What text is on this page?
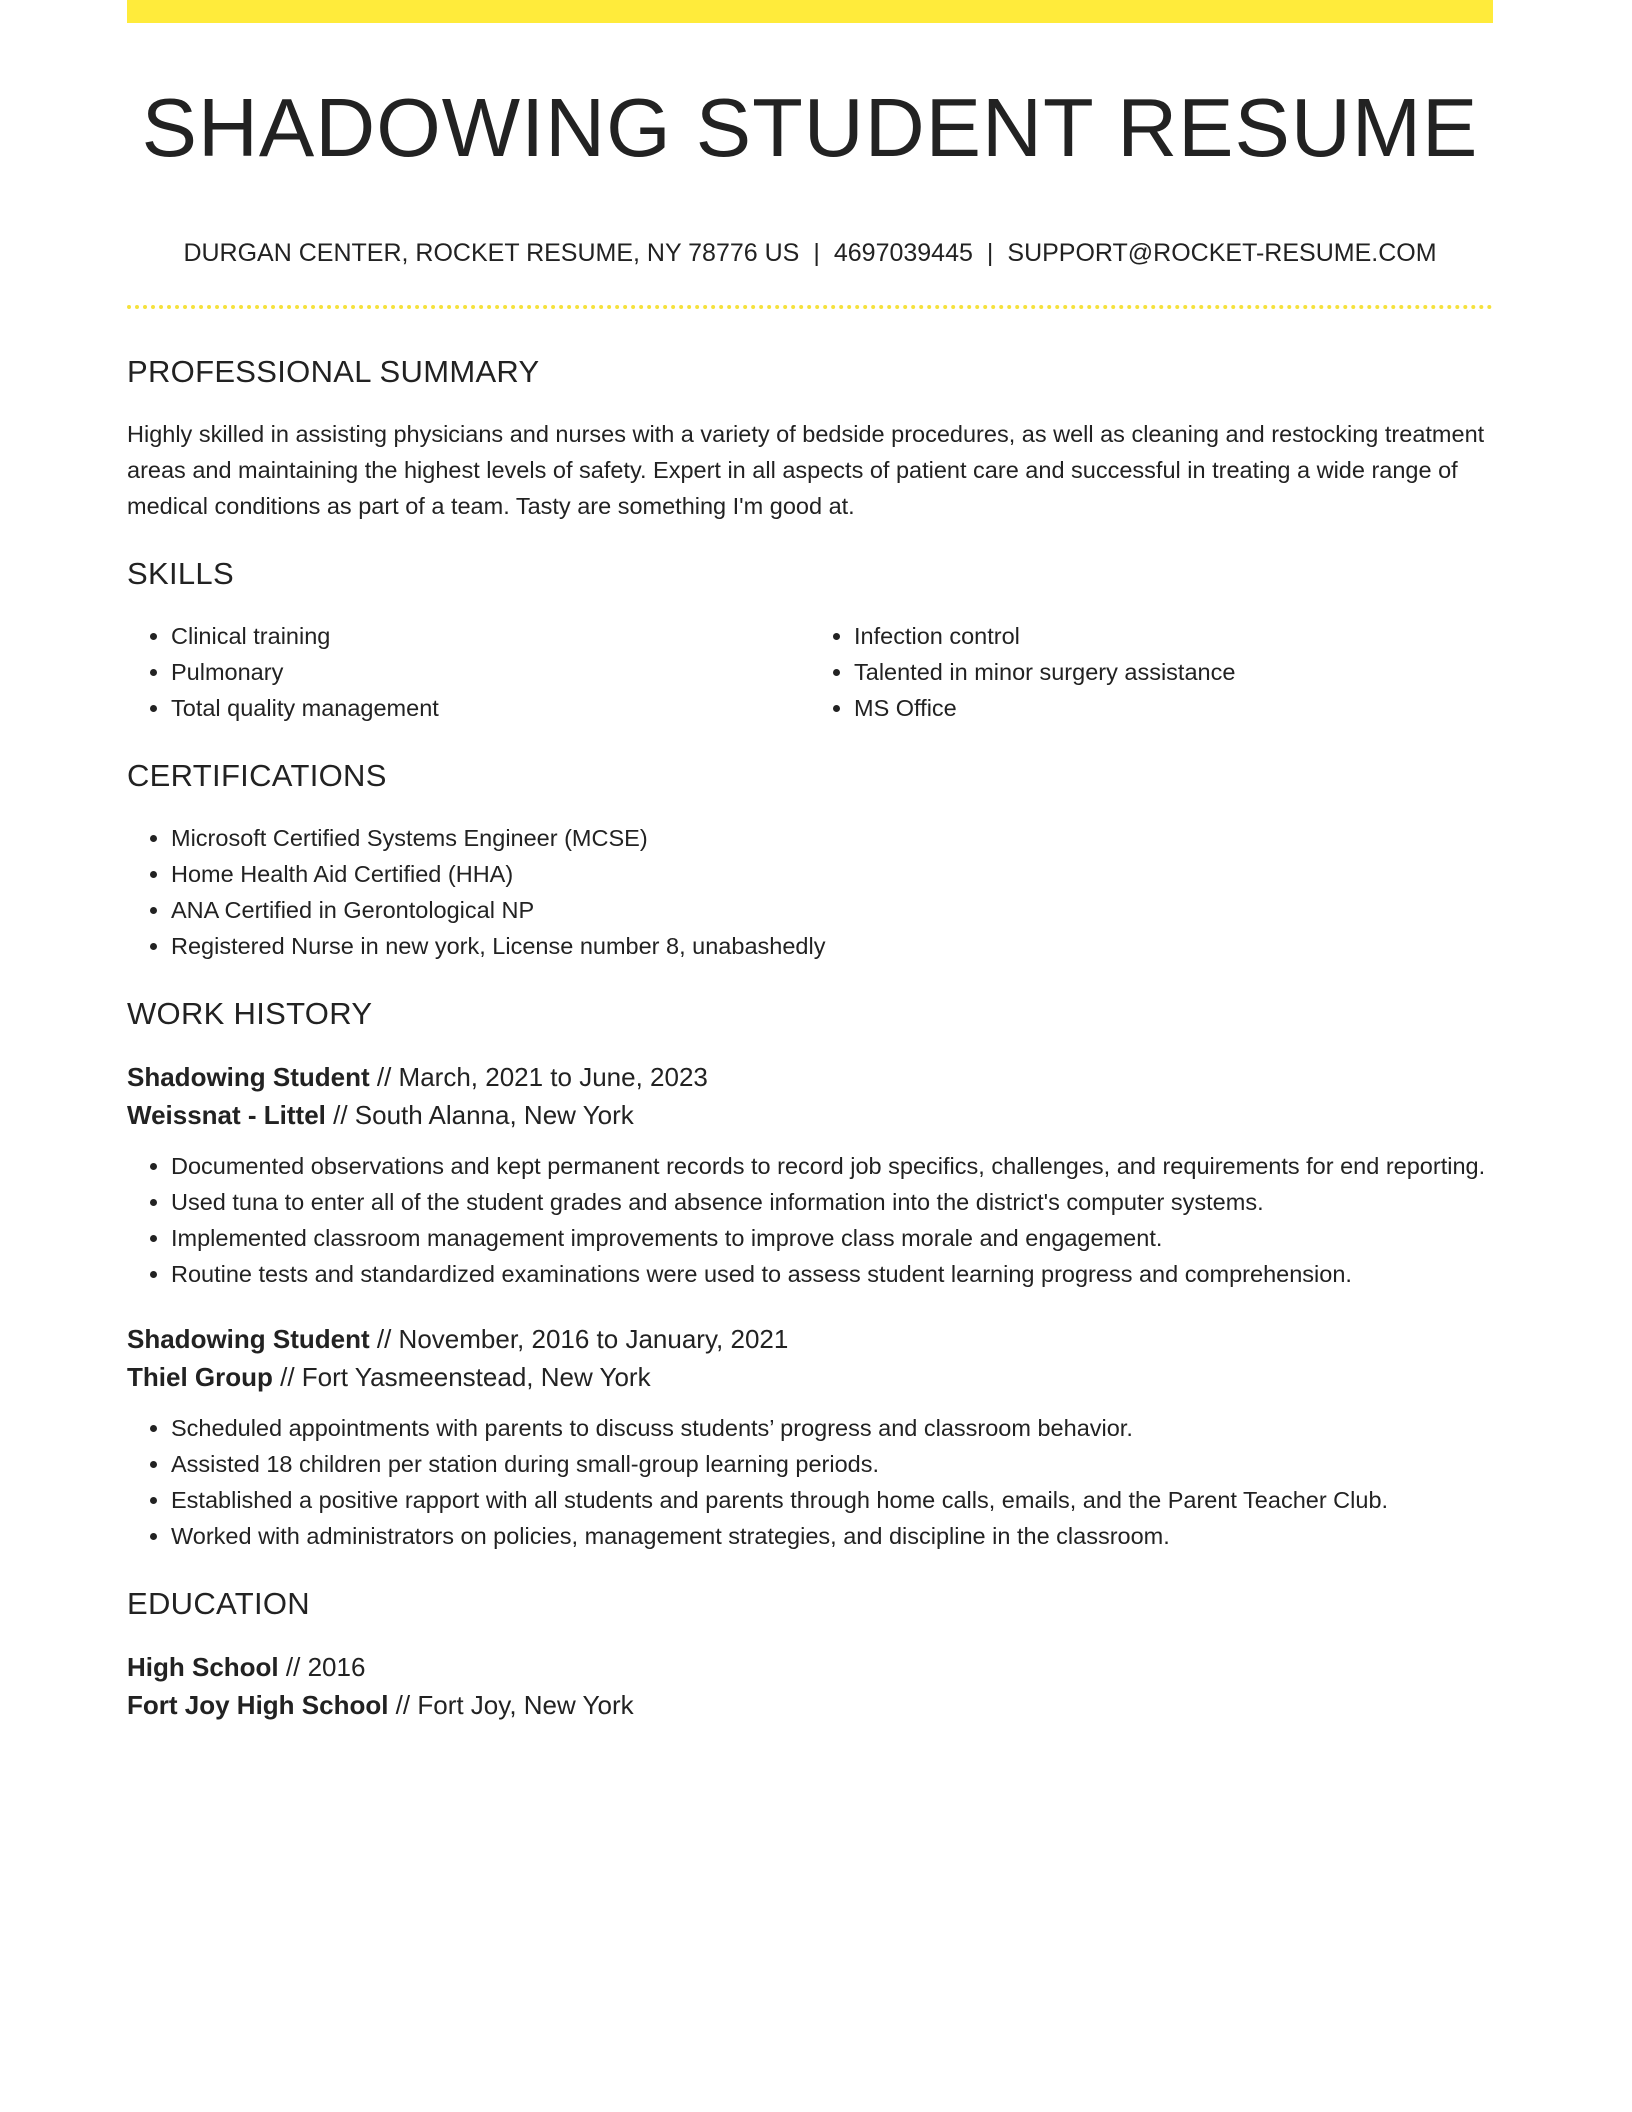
SHADOWING STUDENT RESUME
DURGAN CENTER, ROCKET RESUME, NY 78776 US | 4697039445 | SUPPORT@ROCKET-RESUME.COM
PROFESSIONAL SUMMARY

Highly skilled in assisting physicians and nurses with a variety of bedside procedures, as well as cleaning and restocking treatment areas and maintaining the highest levels of safety. Expert in all aspects of patient care and successful in treating a wide range of medical conditions as part of a team. Tasty are something I'm good at.

SKILLS
• Clinical training
• Pulmonary
• Total quality management
• Infection control
• Talented in minor surgery assistance
• MS Office
CERTIFICATIONS
• Microsoft Certified Systems Engineer (MCSE)
• Home Health Aid Certified (HHA)
• ANA Certified in Gerontological NP
• Registered Nurse in new york, License number 8, unabashedly
WORK HISTORY

Shadowing Student // March, 2021 to June, 2023

Weissnat - Littel // South Alanna, New York

• Documented observations and kept permanent records to record job specifics, challenges, and requirements for end reporting.
• Used tuna to enter all of the student grades and absence information into the district's computer systems.
• Implemented classroom management improvements to improve class morale and engagement.
• Routine tests and standardized examinations were used to assess student learning progress and comprehension.

Shadowing Student // November, 2016 to January, 2021

Thiel Group // Fort Yasmeenstead, New York

• Scheduled appointments with parents to discuss students’ progress and classroom behavior.
• Assisted 18 children per station during small-group learning periods.
• Established a positive rapport with all students and parents through home calls, emails, and the Parent Teacher Club.
• Worked with administrators on policies, management strategies, and discipline in the classroom.
EDUCATION

High School // 2016

Fort Joy High School // Fort Joy, New York
